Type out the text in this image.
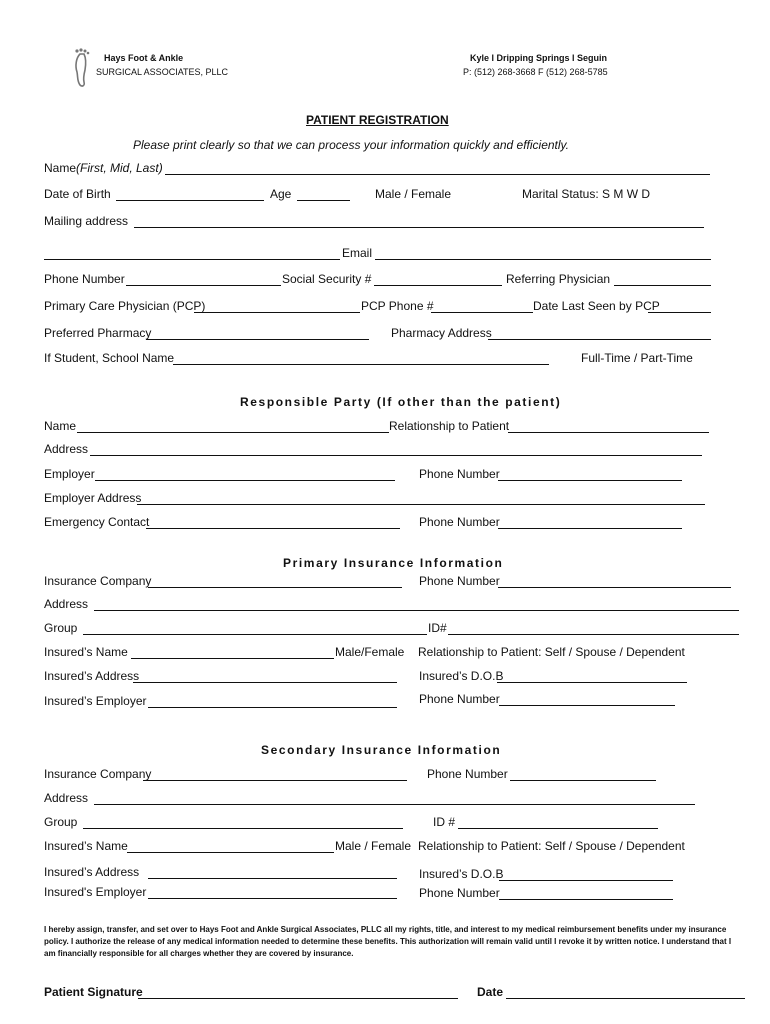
Hays Foot & Ankle
SURGICAL ASSOCIATES, PLLC
Kyle l Dripping Springs l Seguin
P: (512) 268-3668 F (512) 268-5785
PATIENT REGISTRATION
Please print clearly so that we can process your information quickly and efficiently.
Name(First, Mid, Last)
Date of Birth	Age	Male / Female	Marital Status: S M W D
Mailing address
Email
Phone Number	Social Security #	Referring Physician
Primary Care Physician (PCP)	PCP Phone #	Date Last Seen by PCP
Preferred Pharmacy	Pharmacy Address
If Student, School Name	Full-Time / Part-Time
Responsible Party (If other than the patient)
Name	Relationship to Patient
Address
Employer	Phone Number
Employer Address
Emergency Contact	Phone Number
Primary Insurance Information
Insurance Company	Phone Number
Address
Group	ID#
Insured’s Name	Male/Female Relationship to Patient: Self / Spouse / Dependent
Insured’s Address	Insured’s D.O.B
Insured’s Employer	Phone Number
Secondary Insurance Information
Insurance Company	Phone Number
Address
Group	ID #
Insured’s Name	Male / Female Relationship to Patient: Self / Spouse / Dependent
Insured’s Address	Insured’s D.O.B
Insured's Employer	Phone Number
I hereby assign, transfer, and set over to Hays Foot and Ankle Surgical Associates, PLLC all my rights, title, and interest to my medical reimbursement benefits under my insurance policy. I authorize the release of any medical information needed to determine these benefits. This authorization will remain valid until I revoke it by written notice. I understand that I am financially responsible for all charges whether they are covered by insurance.
Patient Signature	Date
